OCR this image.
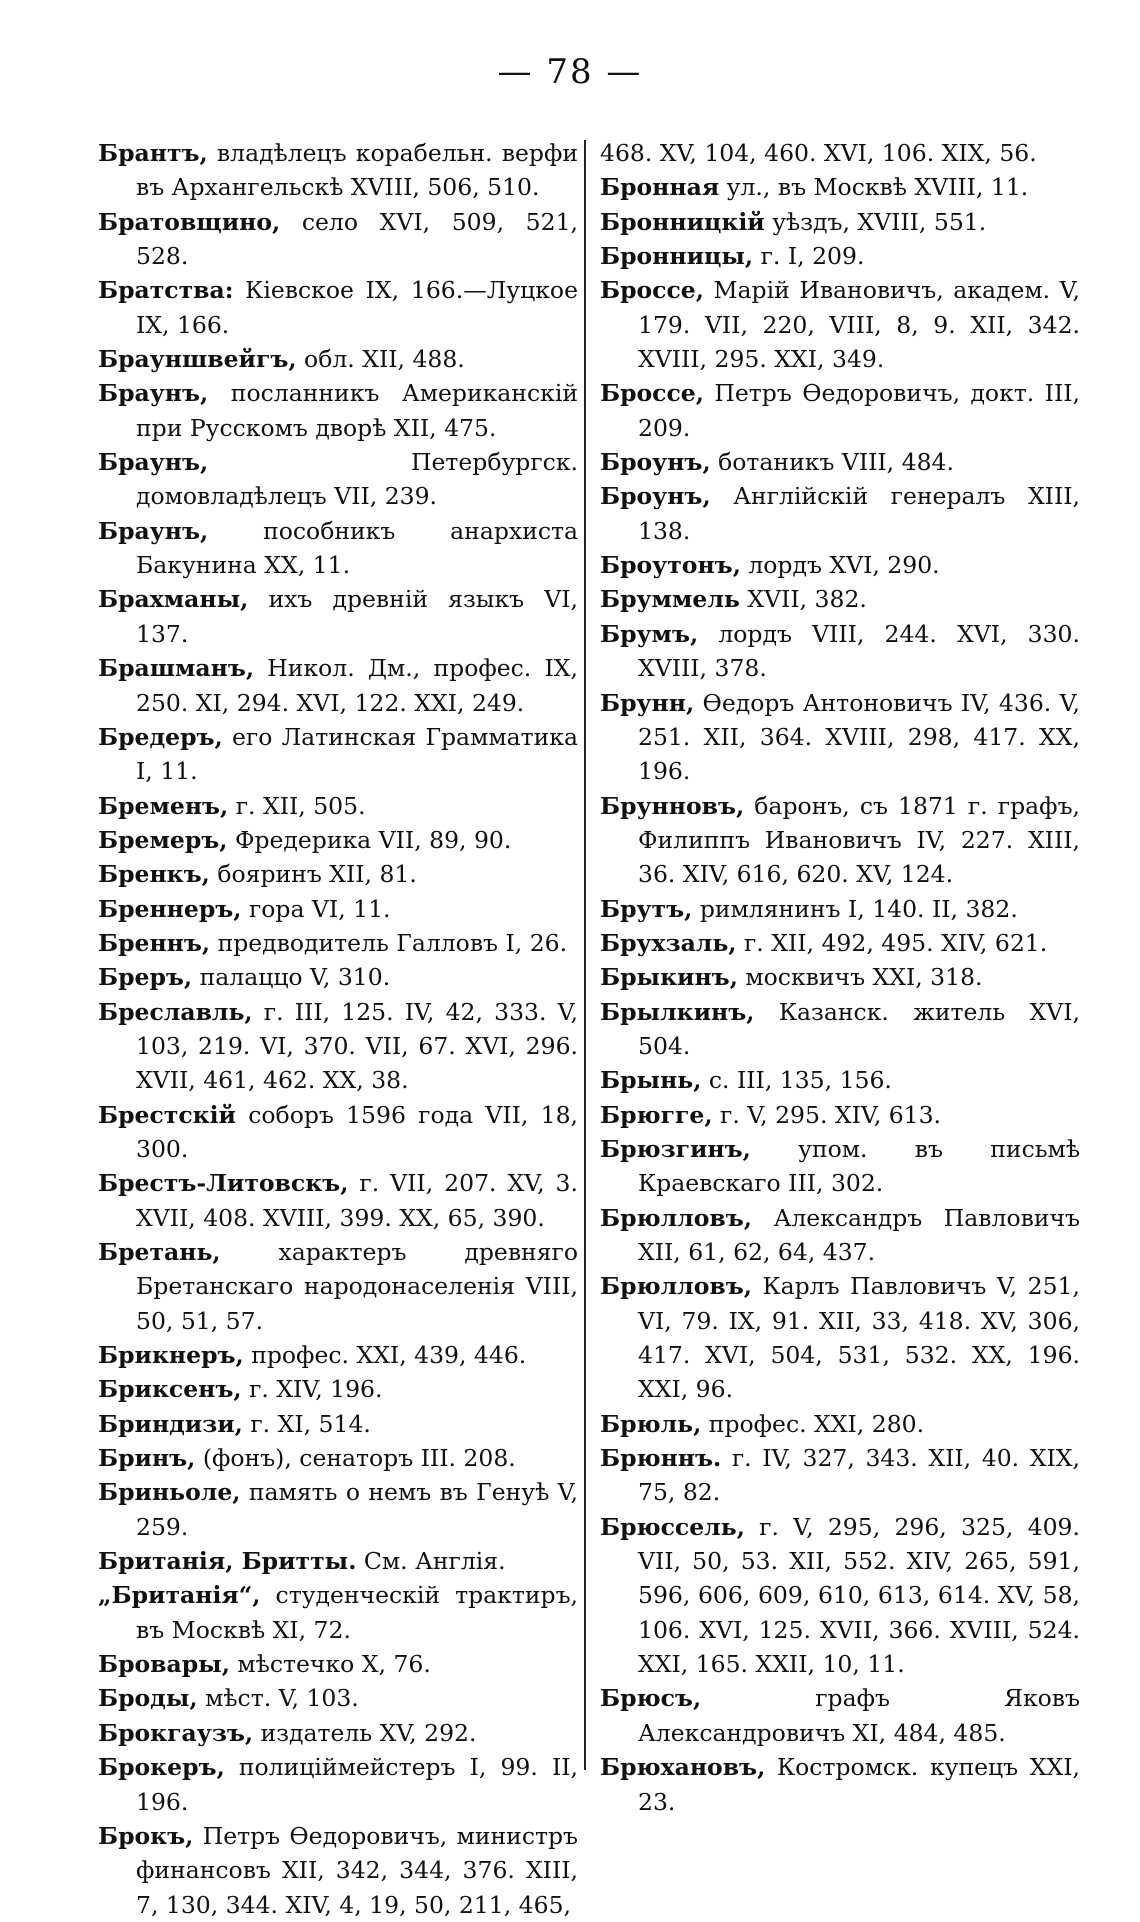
— 78 —

Брантъ, владѣлецъ корабельн. верфи въ Архангельскѣ XVIII, 506, 510.

Братовщино, село XVI, 509, 521, 528.

Братства: Кiевское IX, 166.—Луцкое IX, 166.

Брауншвейгъ, обл. XII, 488.

Браунъ, посланникъ Американскiй при Русскомъ дворѣ XII, 475.

Браунъ,	Петербургск. домовладѣлецъ VII, 239.

Браунъ, пособникъ анархиста Бакунина XX, 11.

Брахманы, ихъ древнiй языкъ VI, 137.

Брашманъ, Никол. Дм., профес. IX, 250. XI, 294. XVI, 122. XXI, 249.

Бредеръ, его Латинская Грамматика I, 11.

Бременъ, г. XII, 505.

Бремеръ, Фредерика VII, 89, 90.

Бренкъ, бояринъ XII, 81.

Бреннеръ, гора VI, 11.

Бреннъ, предводитель Галловъ I, 26.

Бреръ, палаццо V, 310.

Бреславль, г. III, 125. IV, 42, 333. V, 103, 219. VI, 370. VII, 67. XVI, 296. XVII, 461, 462. XX, 38.

Брестскiй соборъ 1596 года VII, 18, 300.

Брестъ-Литовскъ, г. VII, 207. XV, 3. XVII, 408. XVIII, 399. XX, 65, 390.

Бретань, характеръ древняго Бретанскаго народонаселенiя VIII, 50, 51, 57.

Брикнеръ, профес. XXI, 439, 446.

Бриксенъ, г. XIV, 196.

Бриндизи, г. XI, 514.

Бринъ, (фонъ), сенаторъ III. 208.

Бриньоле, память о немъ въ Генуѣ V, 259.

Британiя, Бритты. См. Англiя.

„Британiя“, студенческiй трактиръ, въ Москвѣ XI, 72.

Бровары, мѣстечко X, 76.

Броды, мѣст. V, 103.

Брокгаузъ, издатель XV, 292.

Брокеръ, полицiймейстеръ I, 99. II, 196.

Брокъ, Петръ Өедоровичъ, министръ финансовъ XII, 342, 344, 376. XIII, 7, 130, 344. XIV, 4, 19, 50, 211, 465,

468. XV, 104, 460. XVI, 106. XIX, 56.

Бронная ул., въ Москвѣ XVIII, 11.

Бронницкiй уѣздъ, XVIII, 551.

Бронницы, г. I, 209.

Броссе, Марiй Ивановичъ, академ. V, 179. VII, 220, VIII, 8, 9. XII, 342. XVIII, 295. XXI, 349.

Броссе, Петръ Өедоровичъ, докт. III, 209.

Броунъ, ботаникъ VIII, 484.

Броунъ, Англiйскiй генералъ XIII, 138.

Броутонъ, лордъ XVI, 290.

Бруммель XVII, 382.

Брумъ, лордъ VIII, 244. XVI, 330. XVIII, 378.

Брунн, Өедоръ Антоновичъ IV, 436. V, 251. XII, 364. XVIII, 298, 417. XX, 196.

Брунновъ, баронъ, съ 1871 г. графъ, Филиппъ Ивановичъ IV, 227. XIII, 36. XIV, 616, 620. XV, 124.

Брутъ, римлянинъ I, 140. II, 382.

Брухзаль, г. XII, 492, 495. XIV, 621.

Брыкинъ, москвичъ XXI, 318.

Брылкинъ, Казанск. житель XVI, 504.

Брынь, с. III, 135, 156.

Брюгге, г. V, 295. XIV, 613.

Брюзгинъ, упом. въ письмѣ Краевскаго III, 302.

Брюлловъ, Александръ Павловичъ XII, 61, 62, 64, 437.

Брюлловъ, Карлъ Павловичъ V, 251, VI, 79. IX, 91. XII, 33, 418. XV, 306, 417. XVI, 504, 531, 532. XX, 196. XXI, 96.

Брюль, профес. XXI, 280.

Брюннъ. г. IV, 327, 343. XII, 40. XIX, 75, 82.

Брюссель, г. V, 295, 296, 325, 409. VII, 50, 53. XII, 552. XIV, 265, 591, 596, 606, 609, 610, 613, 614. XV, 58, 106. XVI, 125. XVII, 366. XVIII, 524. XXI, 165. XXII, 10, 11.

Брюсъ,	графъ Яковъ Александровичъ XI, 484, 485.

Брюхановъ, Костромск. купецъ XXI, 23.
